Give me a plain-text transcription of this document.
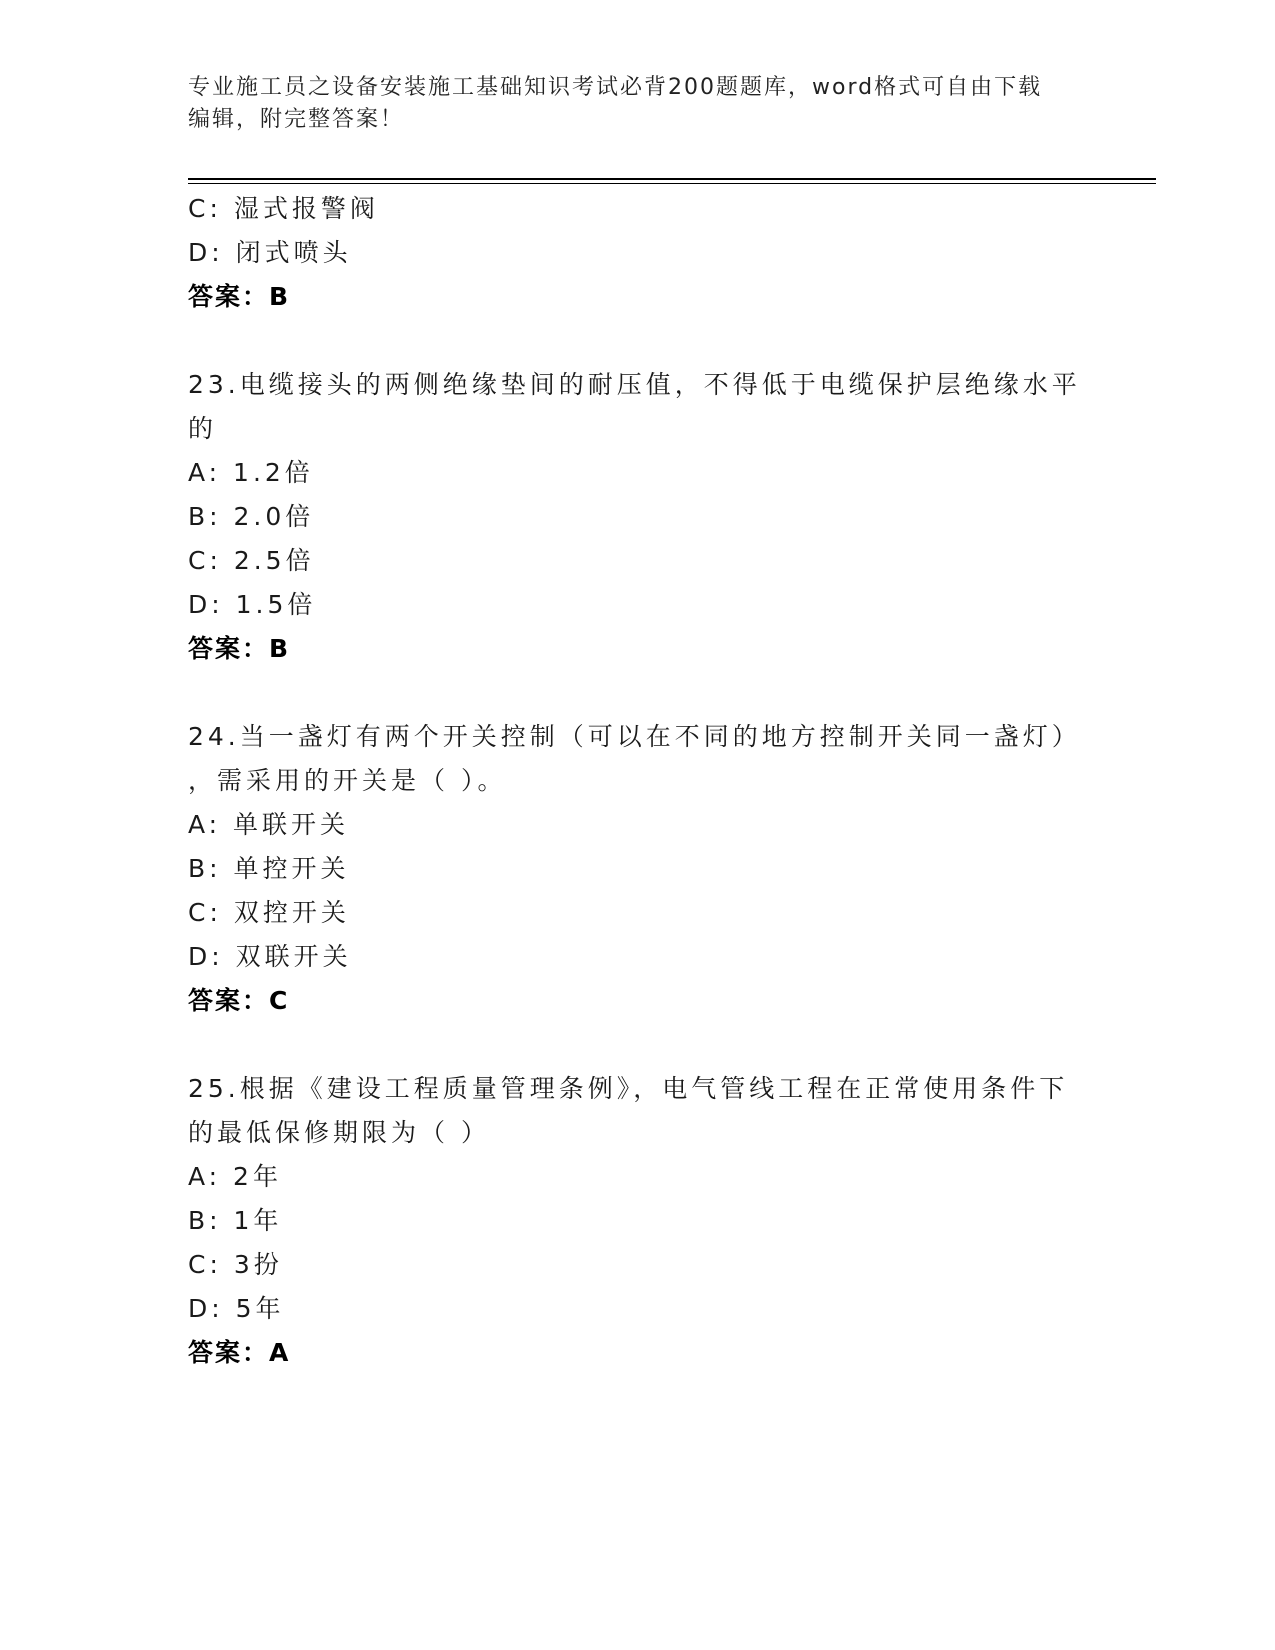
专业施工员之设备安装施工基础知识考试必背200题题库，word格式可自由下载
编辑，附完整答案！
C: 湿式报警阀
D: 闭式喷头
答案：B
23.电缆接头的两侧绝缘垫间的耐压值，不得低于电缆保护层绝缘水平
的
A: 1.2倍
B: 2.0倍
C: 2.5倍
D: 1.5倍
答案：B
24.当一盏灯有两个开关控制（可以在不同的地方控制开关同一盏灯）
，需采用的开关是（ ）。
A: 单联开关
B: 单控开关
C: 双控开关
D: 双联开关
答案：C
25.根据《建设工程质量管理条例》，电气管线工程在正常使用条件下
的最低保修期限为（ ）
A: 2年
B: 1年
C: 3扮
D: 5年
答案：A
